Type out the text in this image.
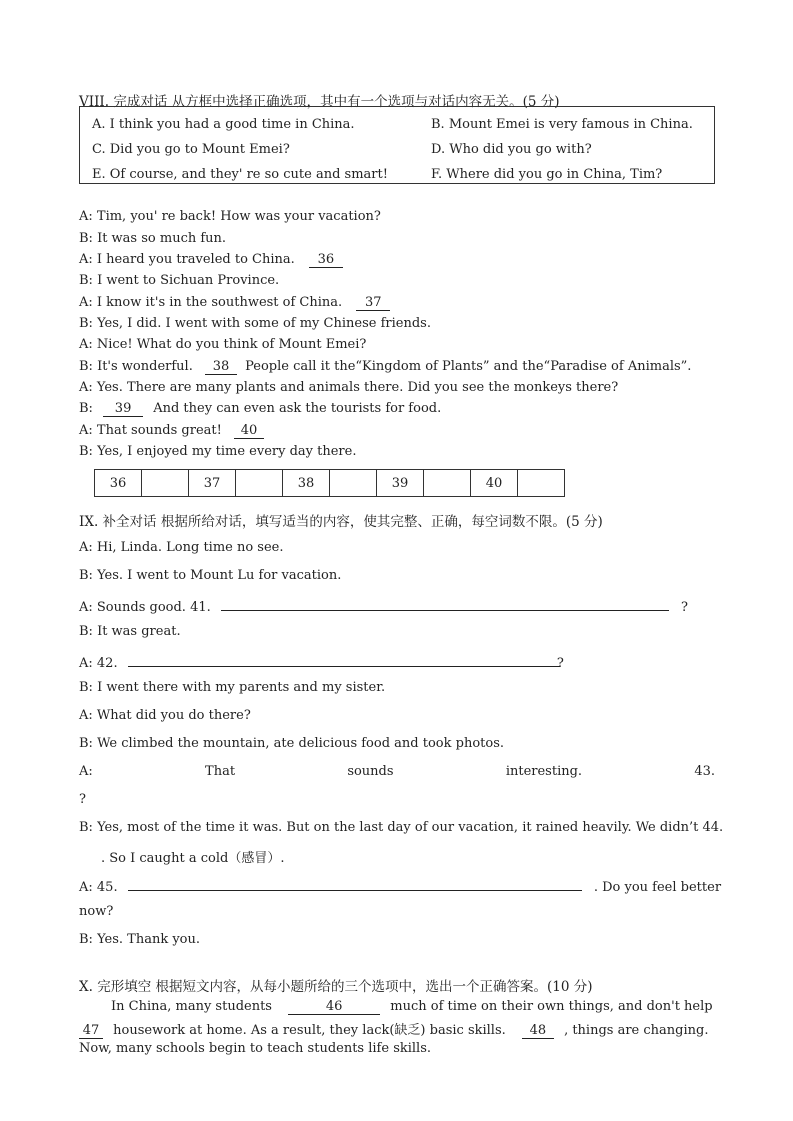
VIII. 完成对话 从方框中选择正确选项，其中有一个选项与对话内容无关。(5 分)
A. I think you had a good time in China.	B. Mount Emei is very famous in China.
C. Did you go to Mount Emei?	D. Who did you go with?
E. Of course, and they' re so cute and smart!	F. Where did you go in China, Tim?
A: Tim, you' re back! How was your vacation?
B: It was so much fun.
A: I heard you traveled to China. 36
B: I went to Sichuan Province.
A: I know it's in the southwest of China. 37
B: Yes, I did. I went with some of my Chinese friends.
A: Nice! What do you think of Mount Emei?
B: It's wonderful. 38 People call it the“Kingdom of Plants” and the“Paradise of Animals”.
A: Yes. There are many plants and animals there. Did you see the monkeys there?
B: 39 And they can even ask the tourists for food.
A: That sounds great! 40
B: Yes, I enjoyed my time every day there.
36		37		38		39		40	
IX. 补全对话 根据所给对话，填写适当的内容，使其完整、正确，每空词数不限。(5 分)
A: Hi, Linda. Long time no see.
B: Yes. I went to Mount Lu for vacation.
A: Sounds good. 41.	?
B: It was great.
A: 42.	?
B: I went there with my parents and my sister.
A: What did you do there?
B: We climbed the mountain, ate delicious food and took photos.
A:	That	sounds	interesting.	43.
?
B: Yes, most of the time it was. But on the last day of our vacation, it rained heavily. We didn’t 44.
. So I caught a cold（感冒）.
A: 45.	. Do you feel better
now?
B: Yes. Thank you.
X. 完形填空 根据短文内容，从每小题所给的三个选项中，选出一个正确答案。(10 分)
In China, many students	46	much of time on their own things, and don't help
47 housework at home. As a result, they lack(缺乏) basic skills. 48 , things are changing.
Now, many schools begin to teach students life skills.
